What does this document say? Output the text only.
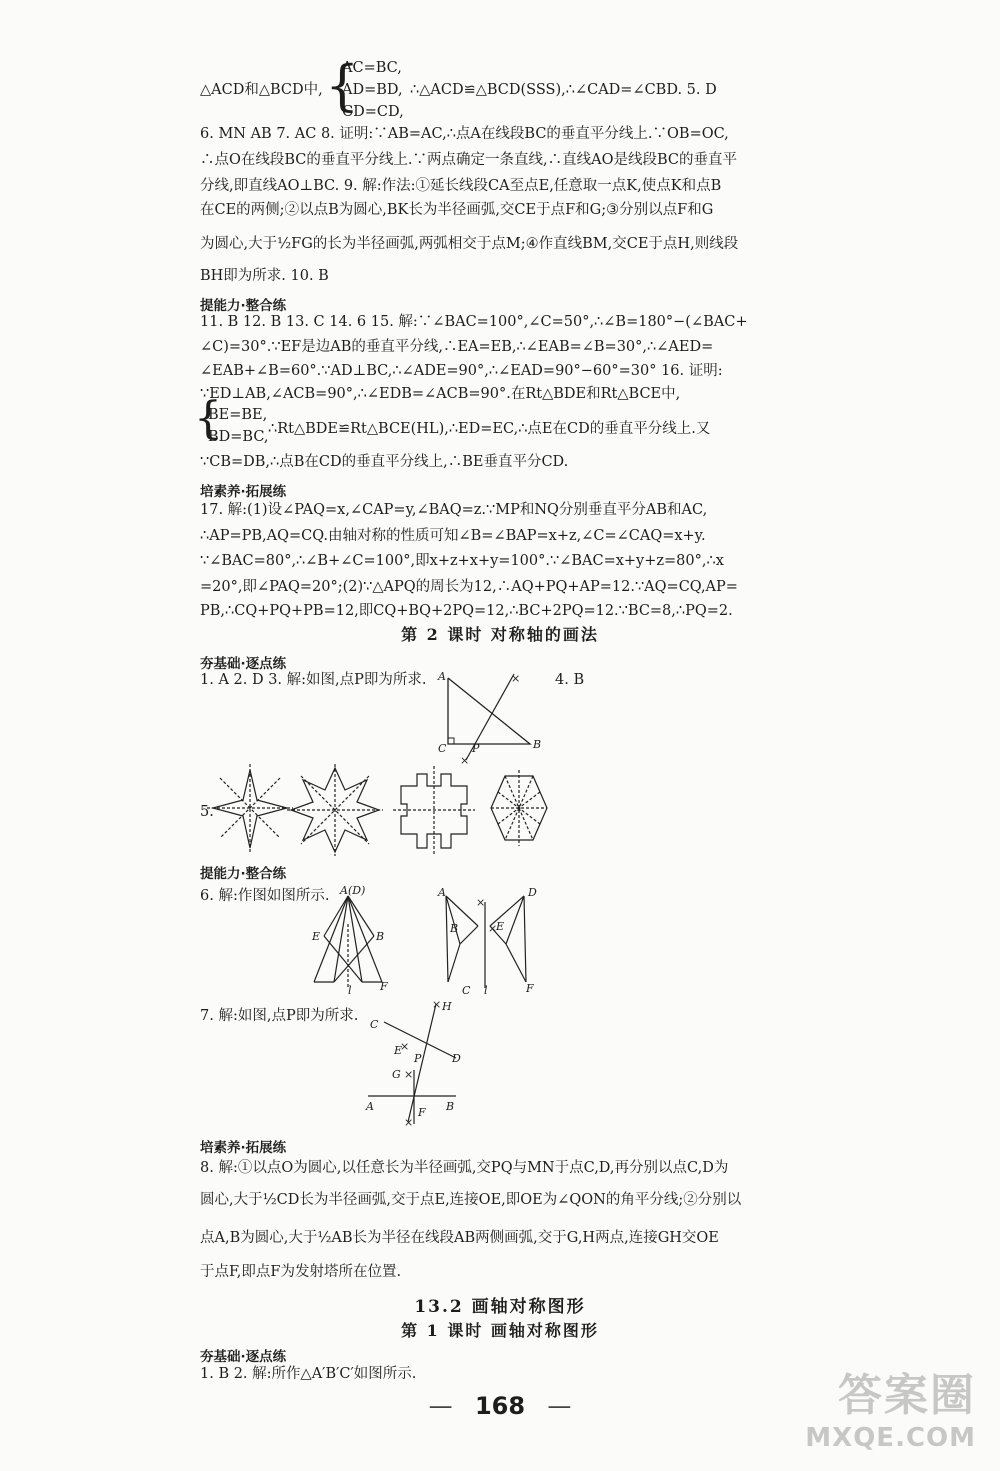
△ACD和△BCD中, {
AC=BC,
AD=BD,
CD=CD,
∴△ACD≌△BCD(SSS),∴∠CAD=∠CBD. 5. D
6. MN AB 7. AC 8. 证明:∵AB=AC,∴点A在线段BC的垂直平分线上.∵OB=OC,
∴点O在线段BC的垂直平分线上.∵两点确定一条直线,∴直线AO是线段BC的垂直平
分线,即直线AO⊥BC. 9. 解:作法:①延长线段CA至点E,任意取一点K,使点K和点B
在CE的两侧;②以点B为圆心,BK长为半径画弧,交CE于点F和G;③分别以点F和G
为圆心,大于½FG的长为半径画弧,两弧相交于点M;④作直线BM,交CE于点H,则线段
BH即为所求. 10. B
提能力·整合练
11. B 12. B 13. C 14. 6 15. 解:∵∠BAC=100°,∠C=50°,∴∠B=180°−(∠BAC+
∠C)=30°.∵EF是边AB的垂直平分线,∴EA=EB,∴∠EAB=∠B=30°,∴∠AED=
∠EAB+∠B=60°.∵AD⊥BC,∴∠ADE=90°,∴∠EAD=90°−60°=30° 16. 证明:
∵ED⊥AB,∠ACB=90°,∴∠EDB=∠ACB=90°.在Rt△BDE和Rt△BCE中,
{
BE=BE,
BD=BC, ∴Rt△BDE≌Rt△BCE(HL),∴ED=EC,∴点E在CD的垂直平分线上.又
∵CB=DB,∴点B在CD的垂直平分线上,∴BE垂直平分CD.
培素养·拓展练
17. 解:(1)设∠PAQ=x,∠CAP=y,∠BAQ=z.∵MP和NQ分别垂直平分AB和AC,
∴AP=PB,AQ=CQ.由轴对称的性质可知∠B=∠BAP=x+z,∠C=∠CAQ=x+y.
∵∠BAC=80°,∴∠B+∠C=100°,即x+z+x+y=100°.∵∠BAC=x+y+z=80°,∴x
=20°,即∠PAQ=20°;(2)∵△APQ的周长为12,∴AQ+PQ+AP=12.∵AQ=CQ,AP=
PB,∴CQ+PQ+PB=12,即CQ+BQ+2PQ=12,∴BC+2PQ=12.∵BC=8,∴PQ=2.
第 2 课时 对称轴的画法
夯基础·逐点练
1. A 2. D 3. 解:如图,点P即为所求.	4. B
×
×
A
C	B
P
5.
提能力·整合练
6. 解:作图如图所示.	×
×
A(D)
E	B
l	F
A
B	E
D
C l	F
7. 解:如图,点P即为所求.
×
×
×
×
H
C
D
E
P
G
A	B
F
培素养·拓展练
8. 解:①以点O为圆心,以任意长为半径画弧,交PQ与MN于点C,D,再分别以点C,D为
圆心,大于½CD长为半径画弧,交于点E,连接OE,即OE为∠QON的角平分线;②分别以
点A,B为圆心,大于½AB长为半径在线段AB两侧画弧,交于G,H两点,连接GH交OE
于点F,即点F为发射塔所在位置.
13.2 画轴对称图形
第 1 课时 画轴对称图形
夯基础·逐点练
1. B 2. 解:所作△A′B′C′如图所示.
— 168 —	答案圈
MXQE.COM
